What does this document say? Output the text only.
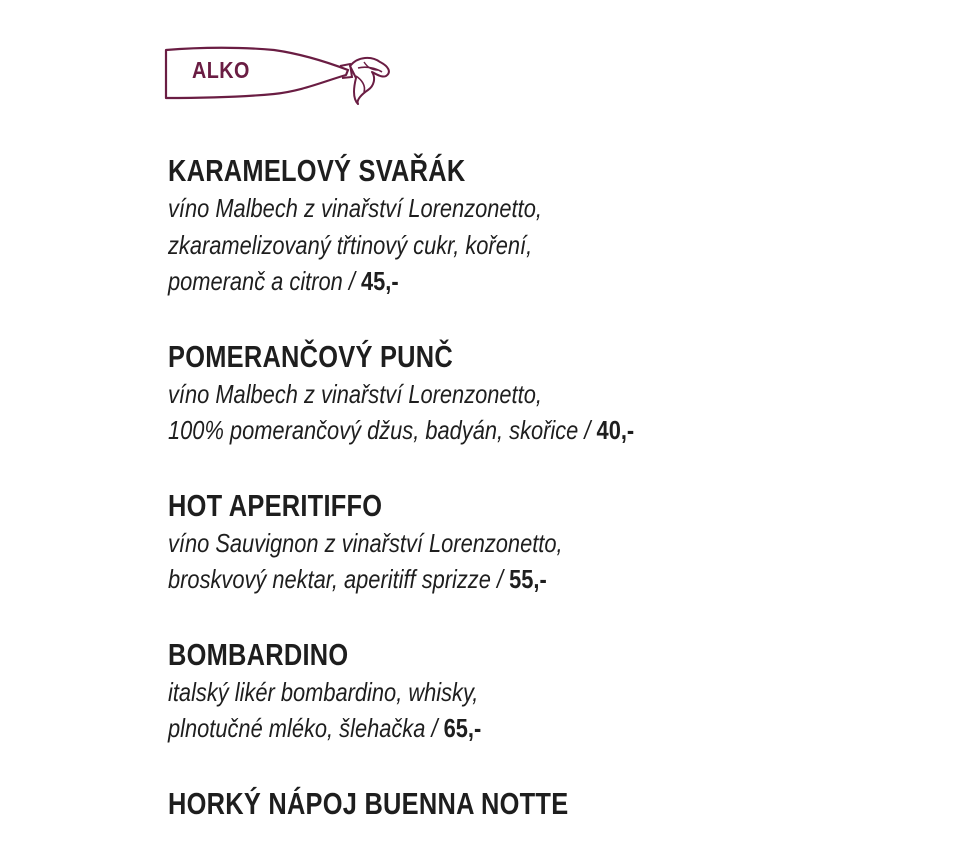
ALKO
KARAMELOVÝ SVAŘÁK
víno Malbech z vinařství Lorenzonetto,
zkaramelizovaný třtinový cukr, koření,
pomeranč a citron / 45,-
POMERANČOVÝ PUNČ
víno Malbech z vinařství Lorenzonetto,
100% pomerančový džus, badyán, skořice / 40,-
HOT APERITIFFO
víno Sauvignon z vinařství Lorenzonetto,
broskvový nektar, aperitiff sprizze / 55,-
BOMBARDINO
italský likér bombardino, whisky,
plnotučné mléko, šlehačka / 65,-
HORKÝ NÁPOJ BUENNA NOTTE
